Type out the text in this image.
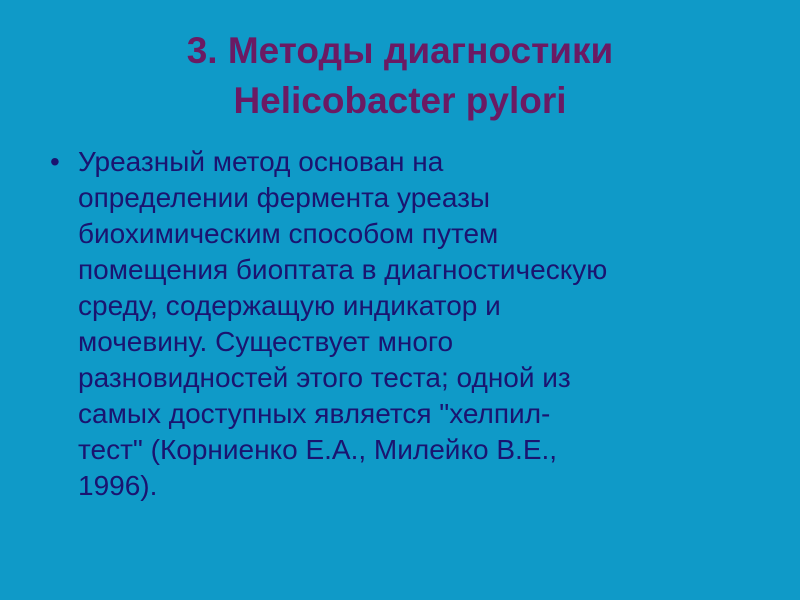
3. Методы диагностики
Helicobacter pylori
• Уреазный метод основан на
определении фермента уреазы
биохимическим способом путем
помещения биоптата в диагностическую
среду, содержащую индикатор и
мочевину. Существует много
разновидностей этого теста; одной из
самых доступных является "хелпил-
тест" (Корниенко Е.А., Милейко В.Е.,
1996).
